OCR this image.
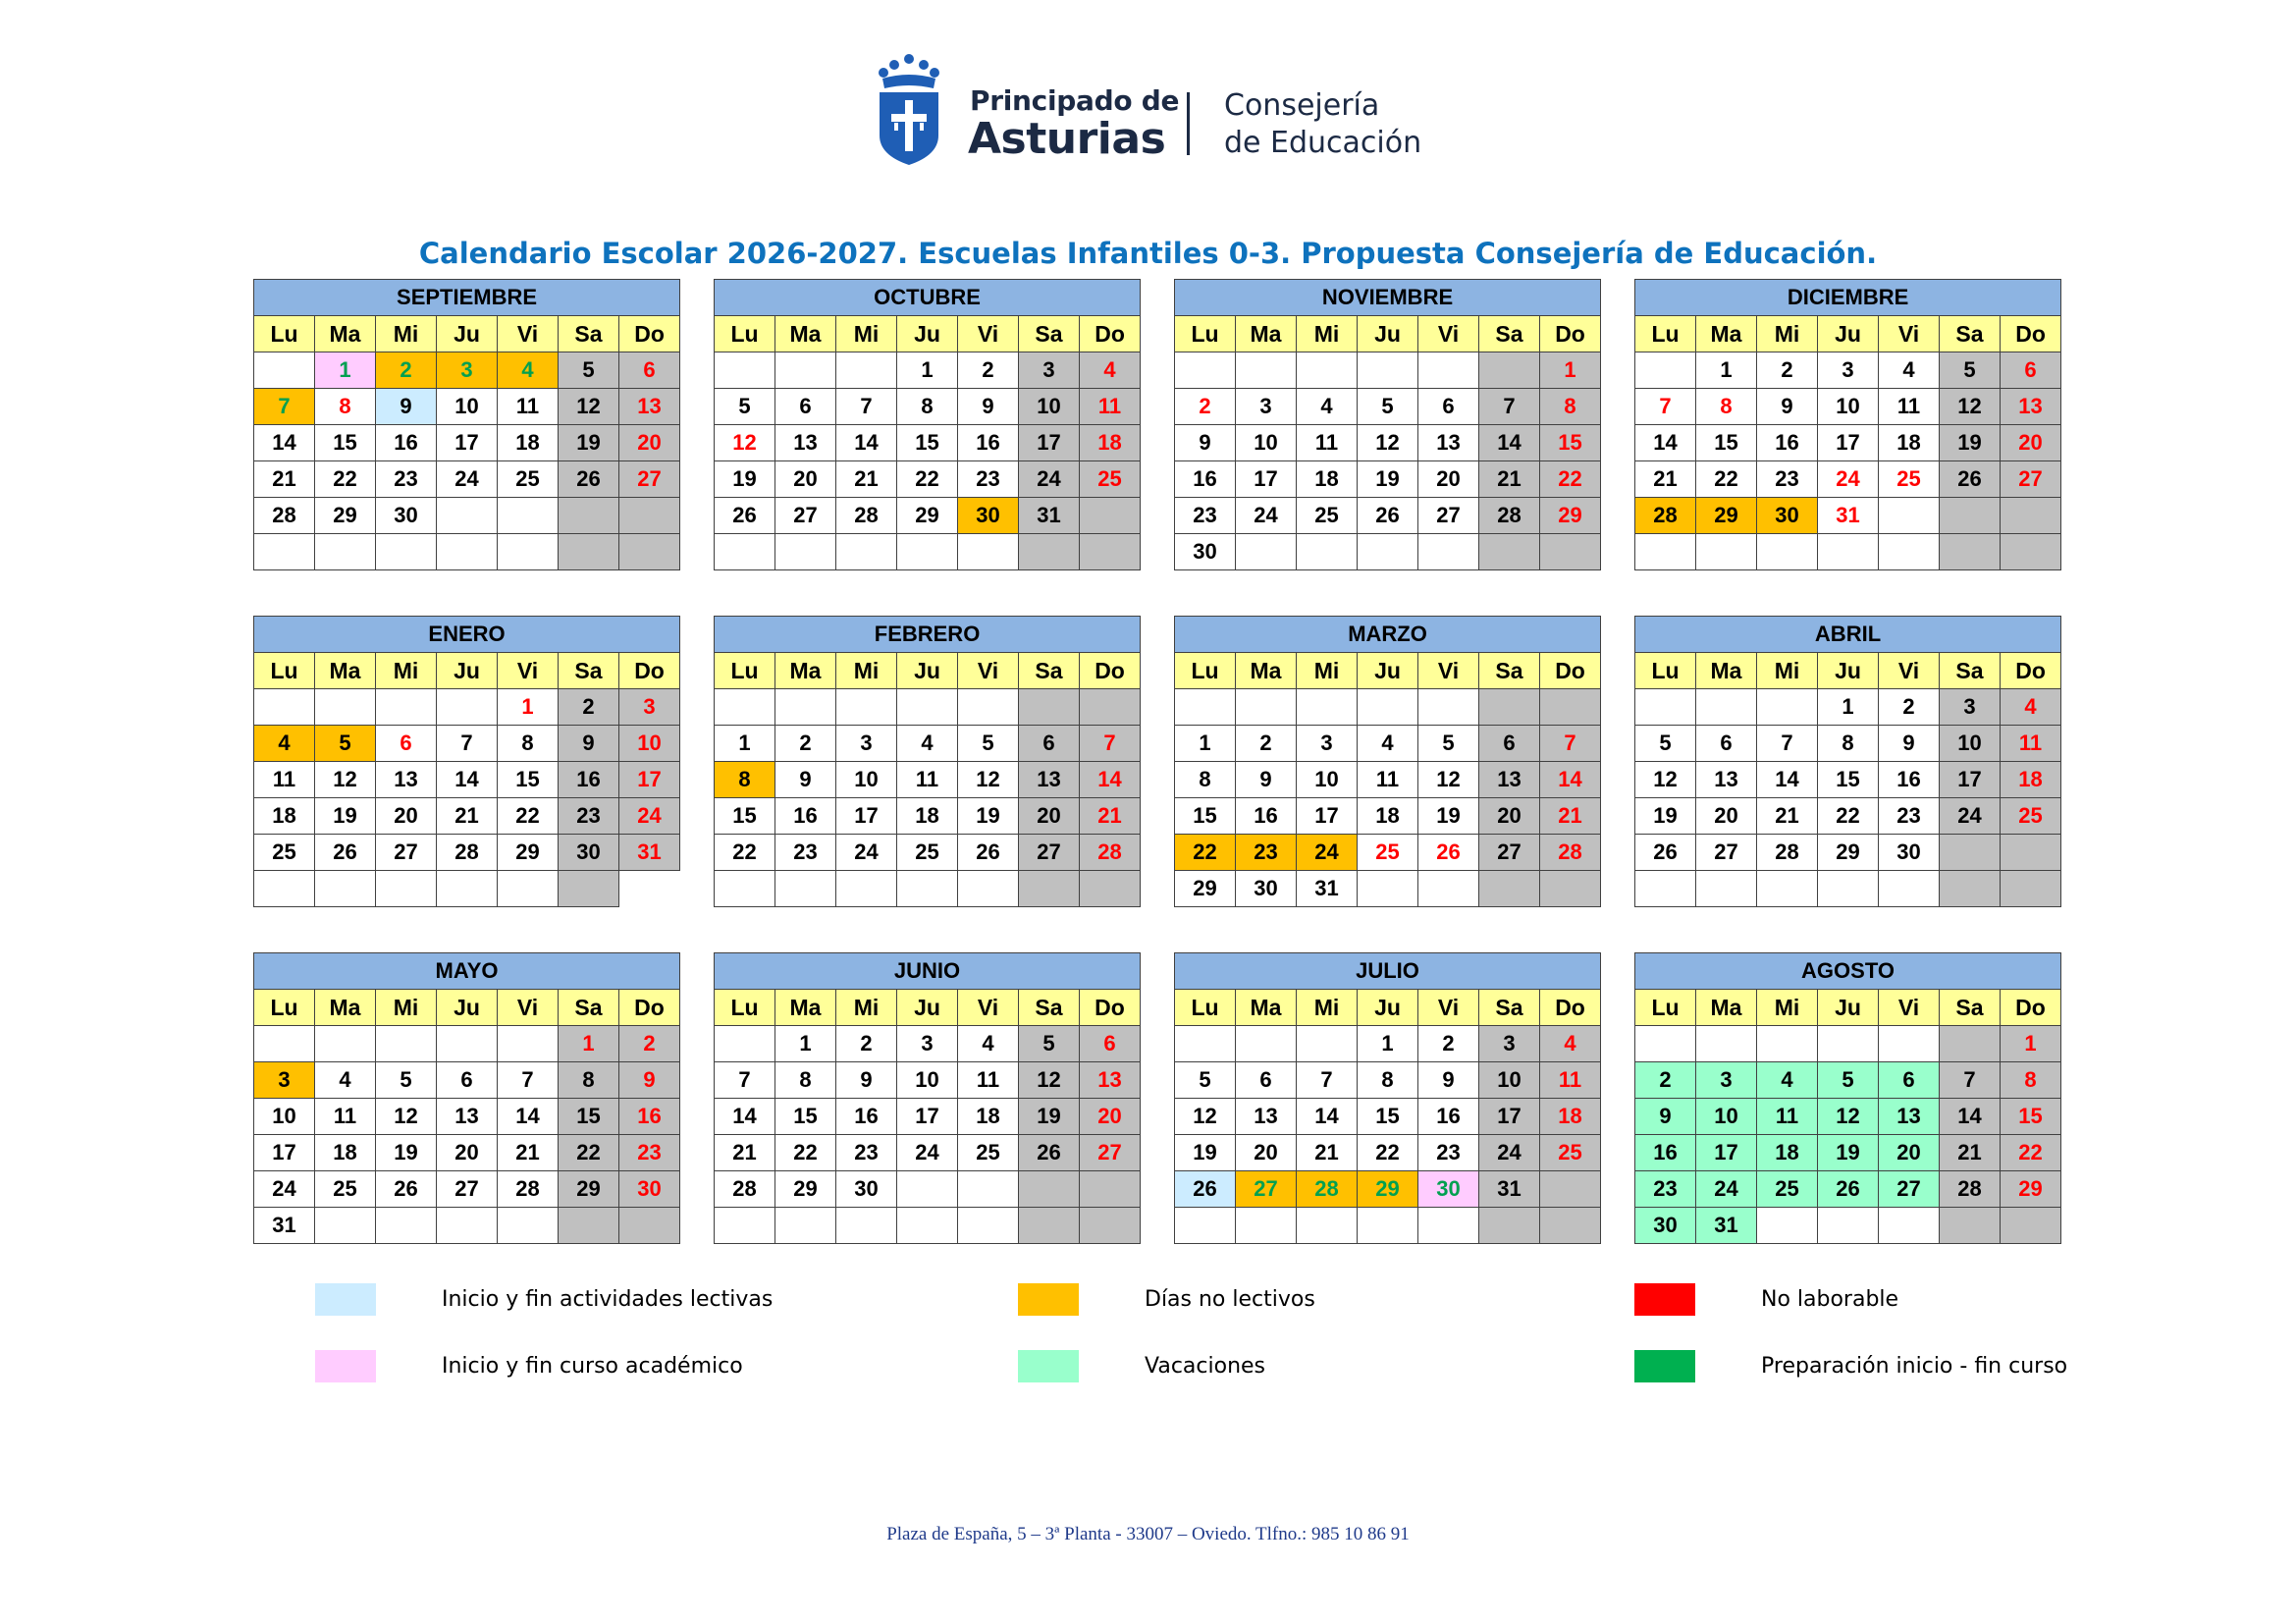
Principado de
Asturias
Consejería
de Educación
Calendario Escolar 2026-2027. Escuelas Infantiles 0-3. Propuesta Consejería de Educación.
SEPTIEMBRE						
Lu	Ma	Mi	Ju	Vi	Sa	Do
	1	2	3	4	5	6
7	8	9	10	11	12	13
14	15	16	17	18	19	20
21	22	23	24	25	26	27
28	29	30				

OCTUBRE						
Lu	Ma	Mi	Ju	Vi	Sa	Do
			1	2	3	4
5	6	7	8	9	10	11
12	13	14	15	16	17	18
19	20	21	22	23	24	25
26	27	28	29	30	31	

NOVIEMBRE						
Lu	Ma	Mi	Ju	Vi	Sa	Do
						1
2	3	4	5	6	7	8
9	10	11	12	13	14	15
16	17	18	19	20	21	22
23	24	25	26	27	28	29
30						
DICIEMBRE						
Lu	Ma	Mi	Ju	Vi	Sa	Do
	1	2	3	4	5	6
7	8	9	10	11	12	13
14	15	16	17	18	19	20
21	22	23	24	25	26	27
28	29	30	31			

ENERO						
Lu	Ma	Mi	Ju	Vi	Sa	Do
				1	2	3
4	5	6	7	8	9	10
11	12	13	14	15	16	17
18	19	20	21	22	23	24
25	26	27	28	29	30	31

FEBRERO						
Lu	Ma	Mi	Ju	Vi	Sa	Do

1	2	3	4	5	6	7
8	9	10	11	12	13	14
15	16	17	18	19	20	21
22	23	24	25	26	27	28

MARZO						
Lu	Ma	Mi	Ju	Vi	Sa	Do

1	2	3	4	5	6	7
8	9	10	11	12	13	14
15	16	17	18	19	20	21
22	23	24	25	26	27	28
29	30	31				
ABRIL						
Lu	Ma	Mi	Ju	Vi	Sa	Do
			1	2	3	4
5	6	7	8	9	10	11
12	13	14	15	16	17	18
19	20	21	22	23	24	25
26	27	28	29	30		

MAYO						
Lu	Ma	Mi	Ju	Vi	Sa	Do
					1	2
3	4	5	6	7	8	9
10	11	12	13	14	15	16
17	18	19	20	21	22	23
24	25	26	27	28	29	30
31						
JUNIO						
Lu	Ma	Mi	Ju	Vi	Sa	Do
	1	2	3	4	5	6
7	8	9	10	11	12	13
14	15	16	17	18	19	20
21	22	23	24	25	26	27
28	29	30				

JULIO						
Lu	Ma	Mi	Ju	Vi	Sa	Do
			1	2	3	4
5	6	7	8	9	10	11
12	13	14	15	16	17	18
19	20	21	22	23	24	25
26	27	28	29	30	31	

AGOSTO						
Lu	Ma	Mi	Ju	Vi	Sa	Do
						1
2	3	4	5	6	7	8
9	10	11	12	13	14	15
16	17	18	19	20	21	22
23	24	25	26	27	28	29
30	31					
Inicio y fin actividades lectivas	Días no lectivos	No laborable
Inicio y fin curso académico	Vacaciones	Preparación inicio - fin curso
Plaza de España, 5 – 3ª Planta - 33007 – Oviedo. Tlfno.: 985 10 86 91
